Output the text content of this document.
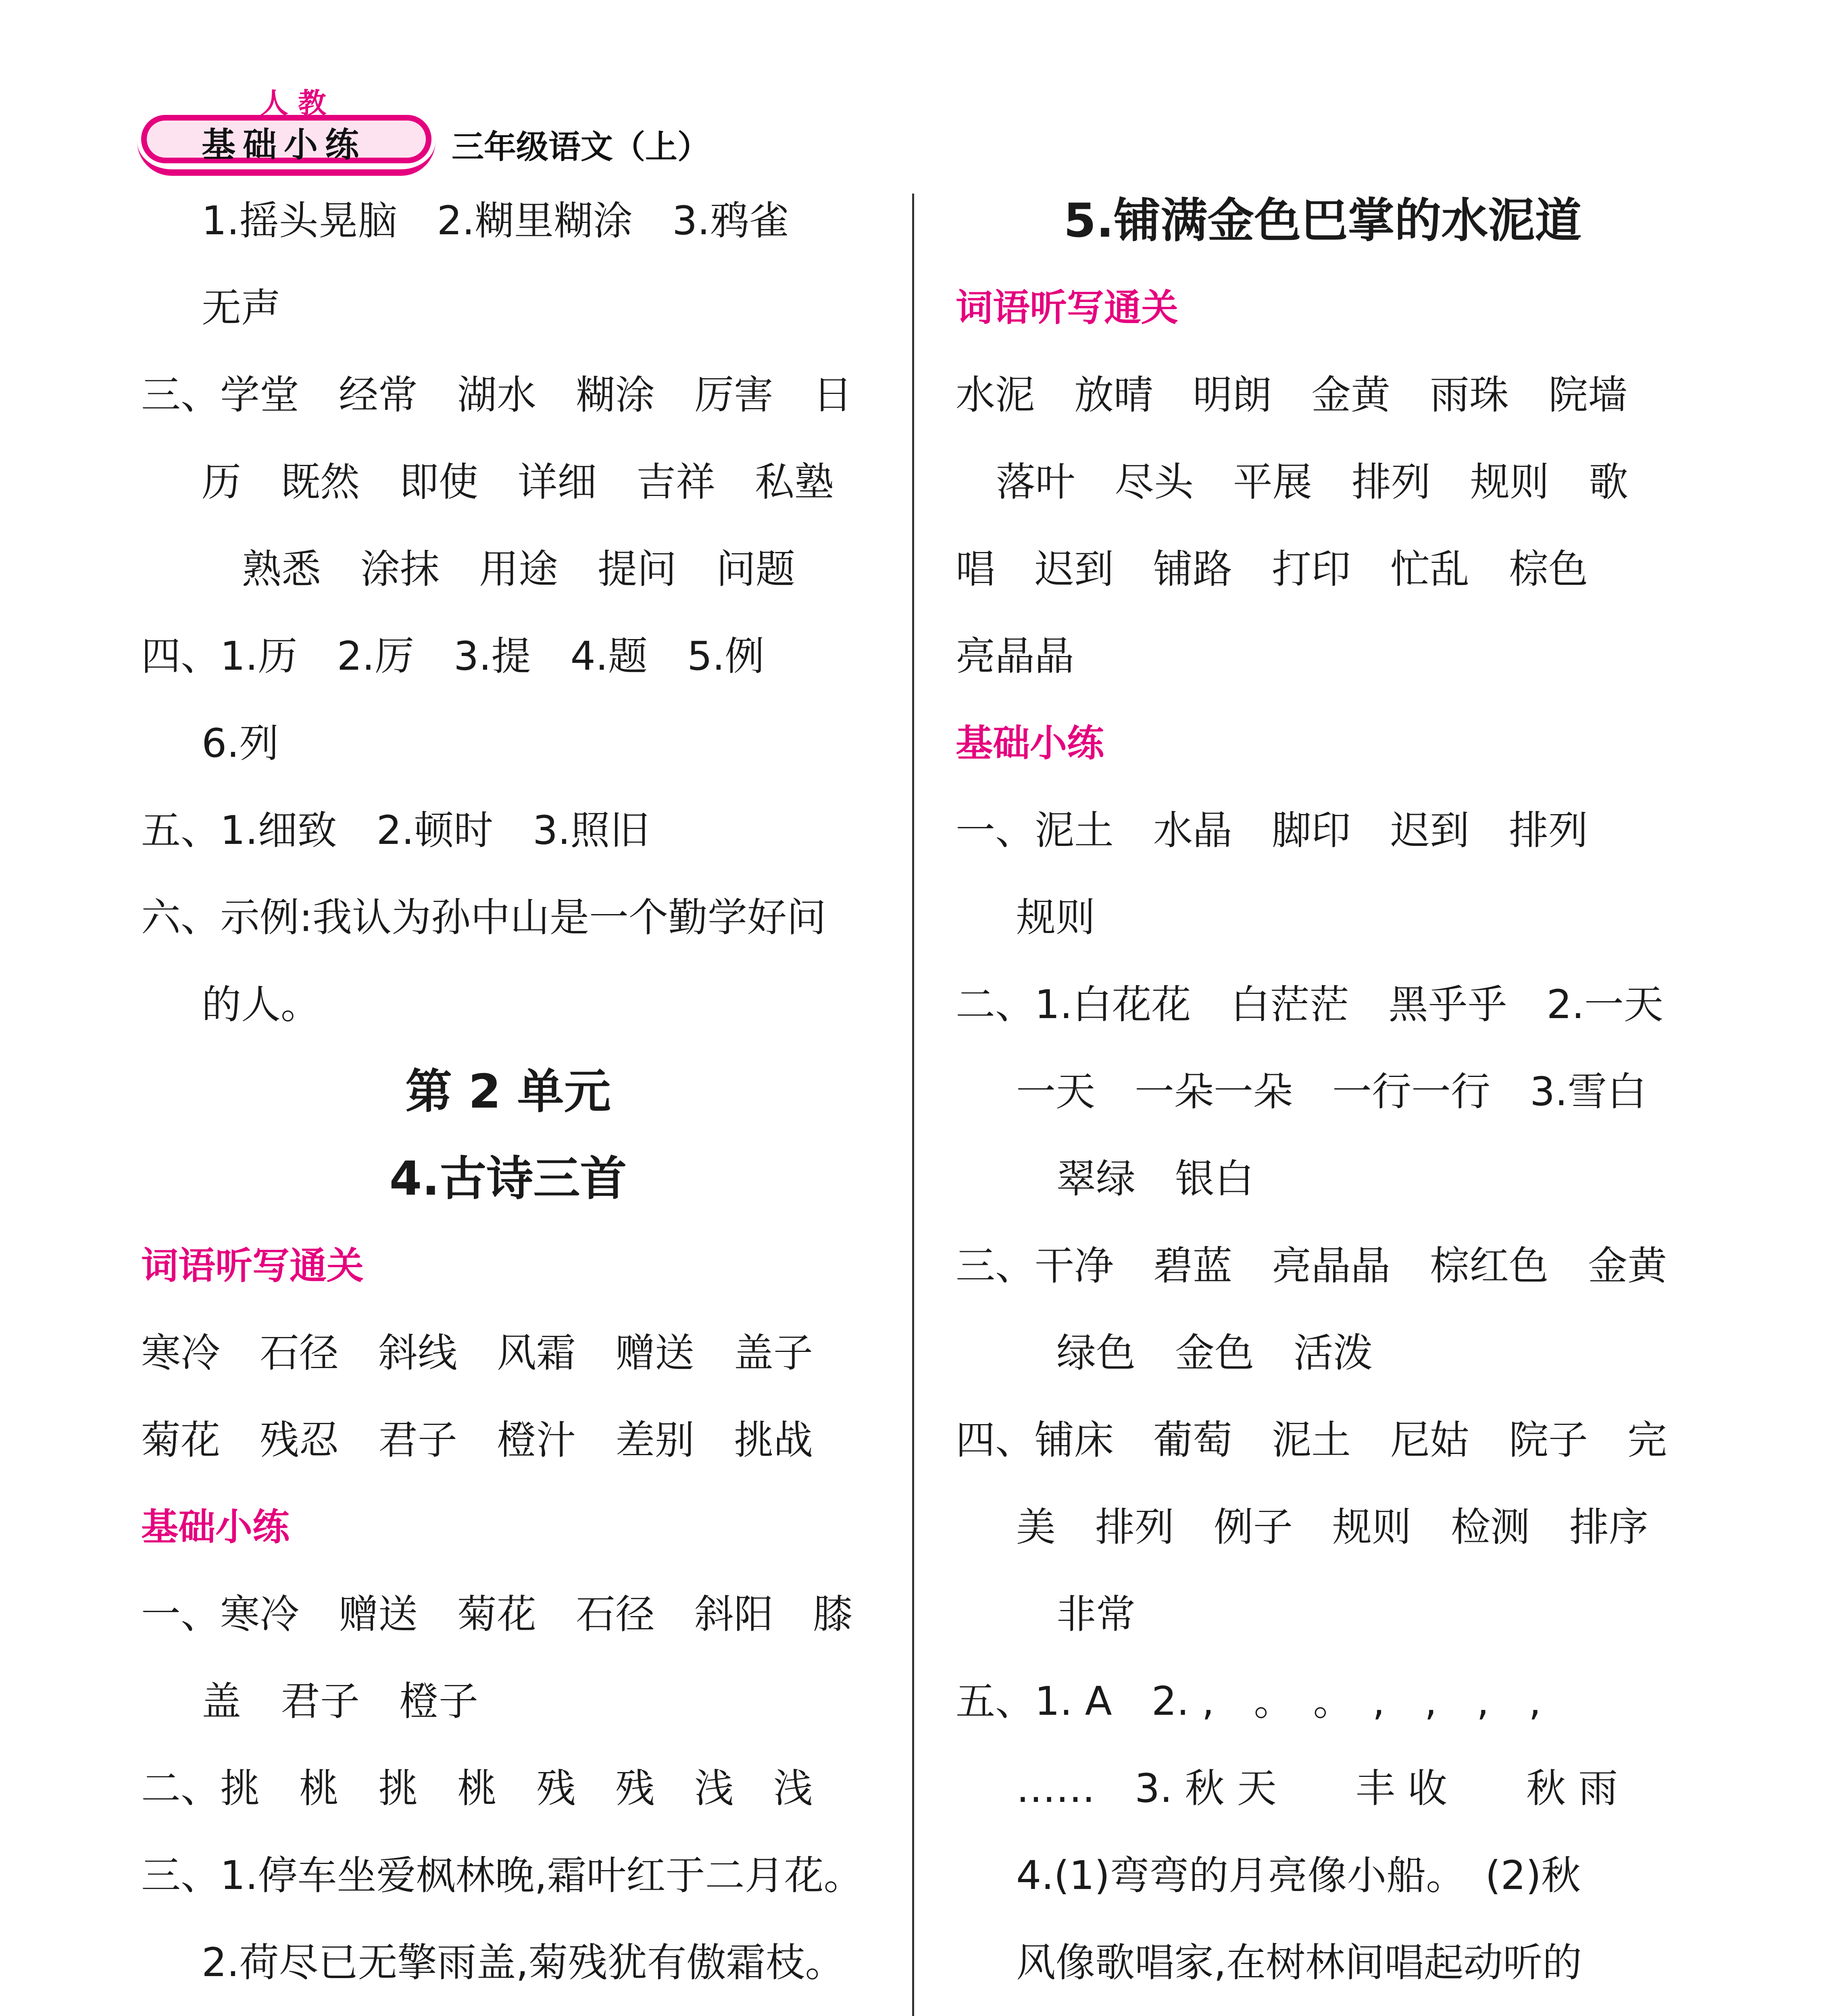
人教
基础小练	三年级语文（上）
1.摇头晃脑　2.糊里糊涂　3.鸦雀
无声
三、学堂　经常　湖水　糊涂　厉害　日
历　既然　即使　详细　吉祥　私塾
熟悉　涂抹　用途　提问　问题
四、1.历　2.厉　3.提　4.题　5.例
6.列
五、1.细致　2.顿时　3.照旧
六、示例:我认为孙中山是一个勤学好问
的人。
第 2 单元
4.古诗三首
词语听写通关
寒冷　石径　斜线　风霜　赠送　盖子
菊花　残忍　君子　橙汁　差别　挑战
基础小练
一、寒冷　赠送　菊花　石径　斜阳　膝
盖　君子　橙子
二、挑　桃　挑　桃　残　残　浅　浅
三、1.停车坐爱枫林晚,霜叶红于二月花。
2.荷尽已无擎雨盖,菊残犹有傲霜枝。
5.铺满金色巴掌的水泥道
词语听写通关
水泥　放晴　明朗　金黄　雨珠　院墙
落叶　尽头　平展　排列　规则　歌
唱　迟到　铺路　打印　忙乱　棕色
亮晶晶
基础小练
一、泥土　水晶　脚印　迟到　排列
规则
二、1.白花花　白茫茫　黑乎乎　2.一天
一天　一朵一朵　一行一行　3.雪白
翠绿　银白
三、干净　碧蓝　亮晶晶　棕红色　金黄
绿色　金色　活泼
四、铺床　葡萄　泥土　尼姑　院子　完
美　排列　例子　规则　检测　排序
非常
五、1. A　2. ,　。　。　,　,　,　,
……　3. 秋 天　　丰 收　　秋 雨
4.(1)弯弯的月亮像小船。　(2)秋
风像歌唱家,在树林间唱起动听的
